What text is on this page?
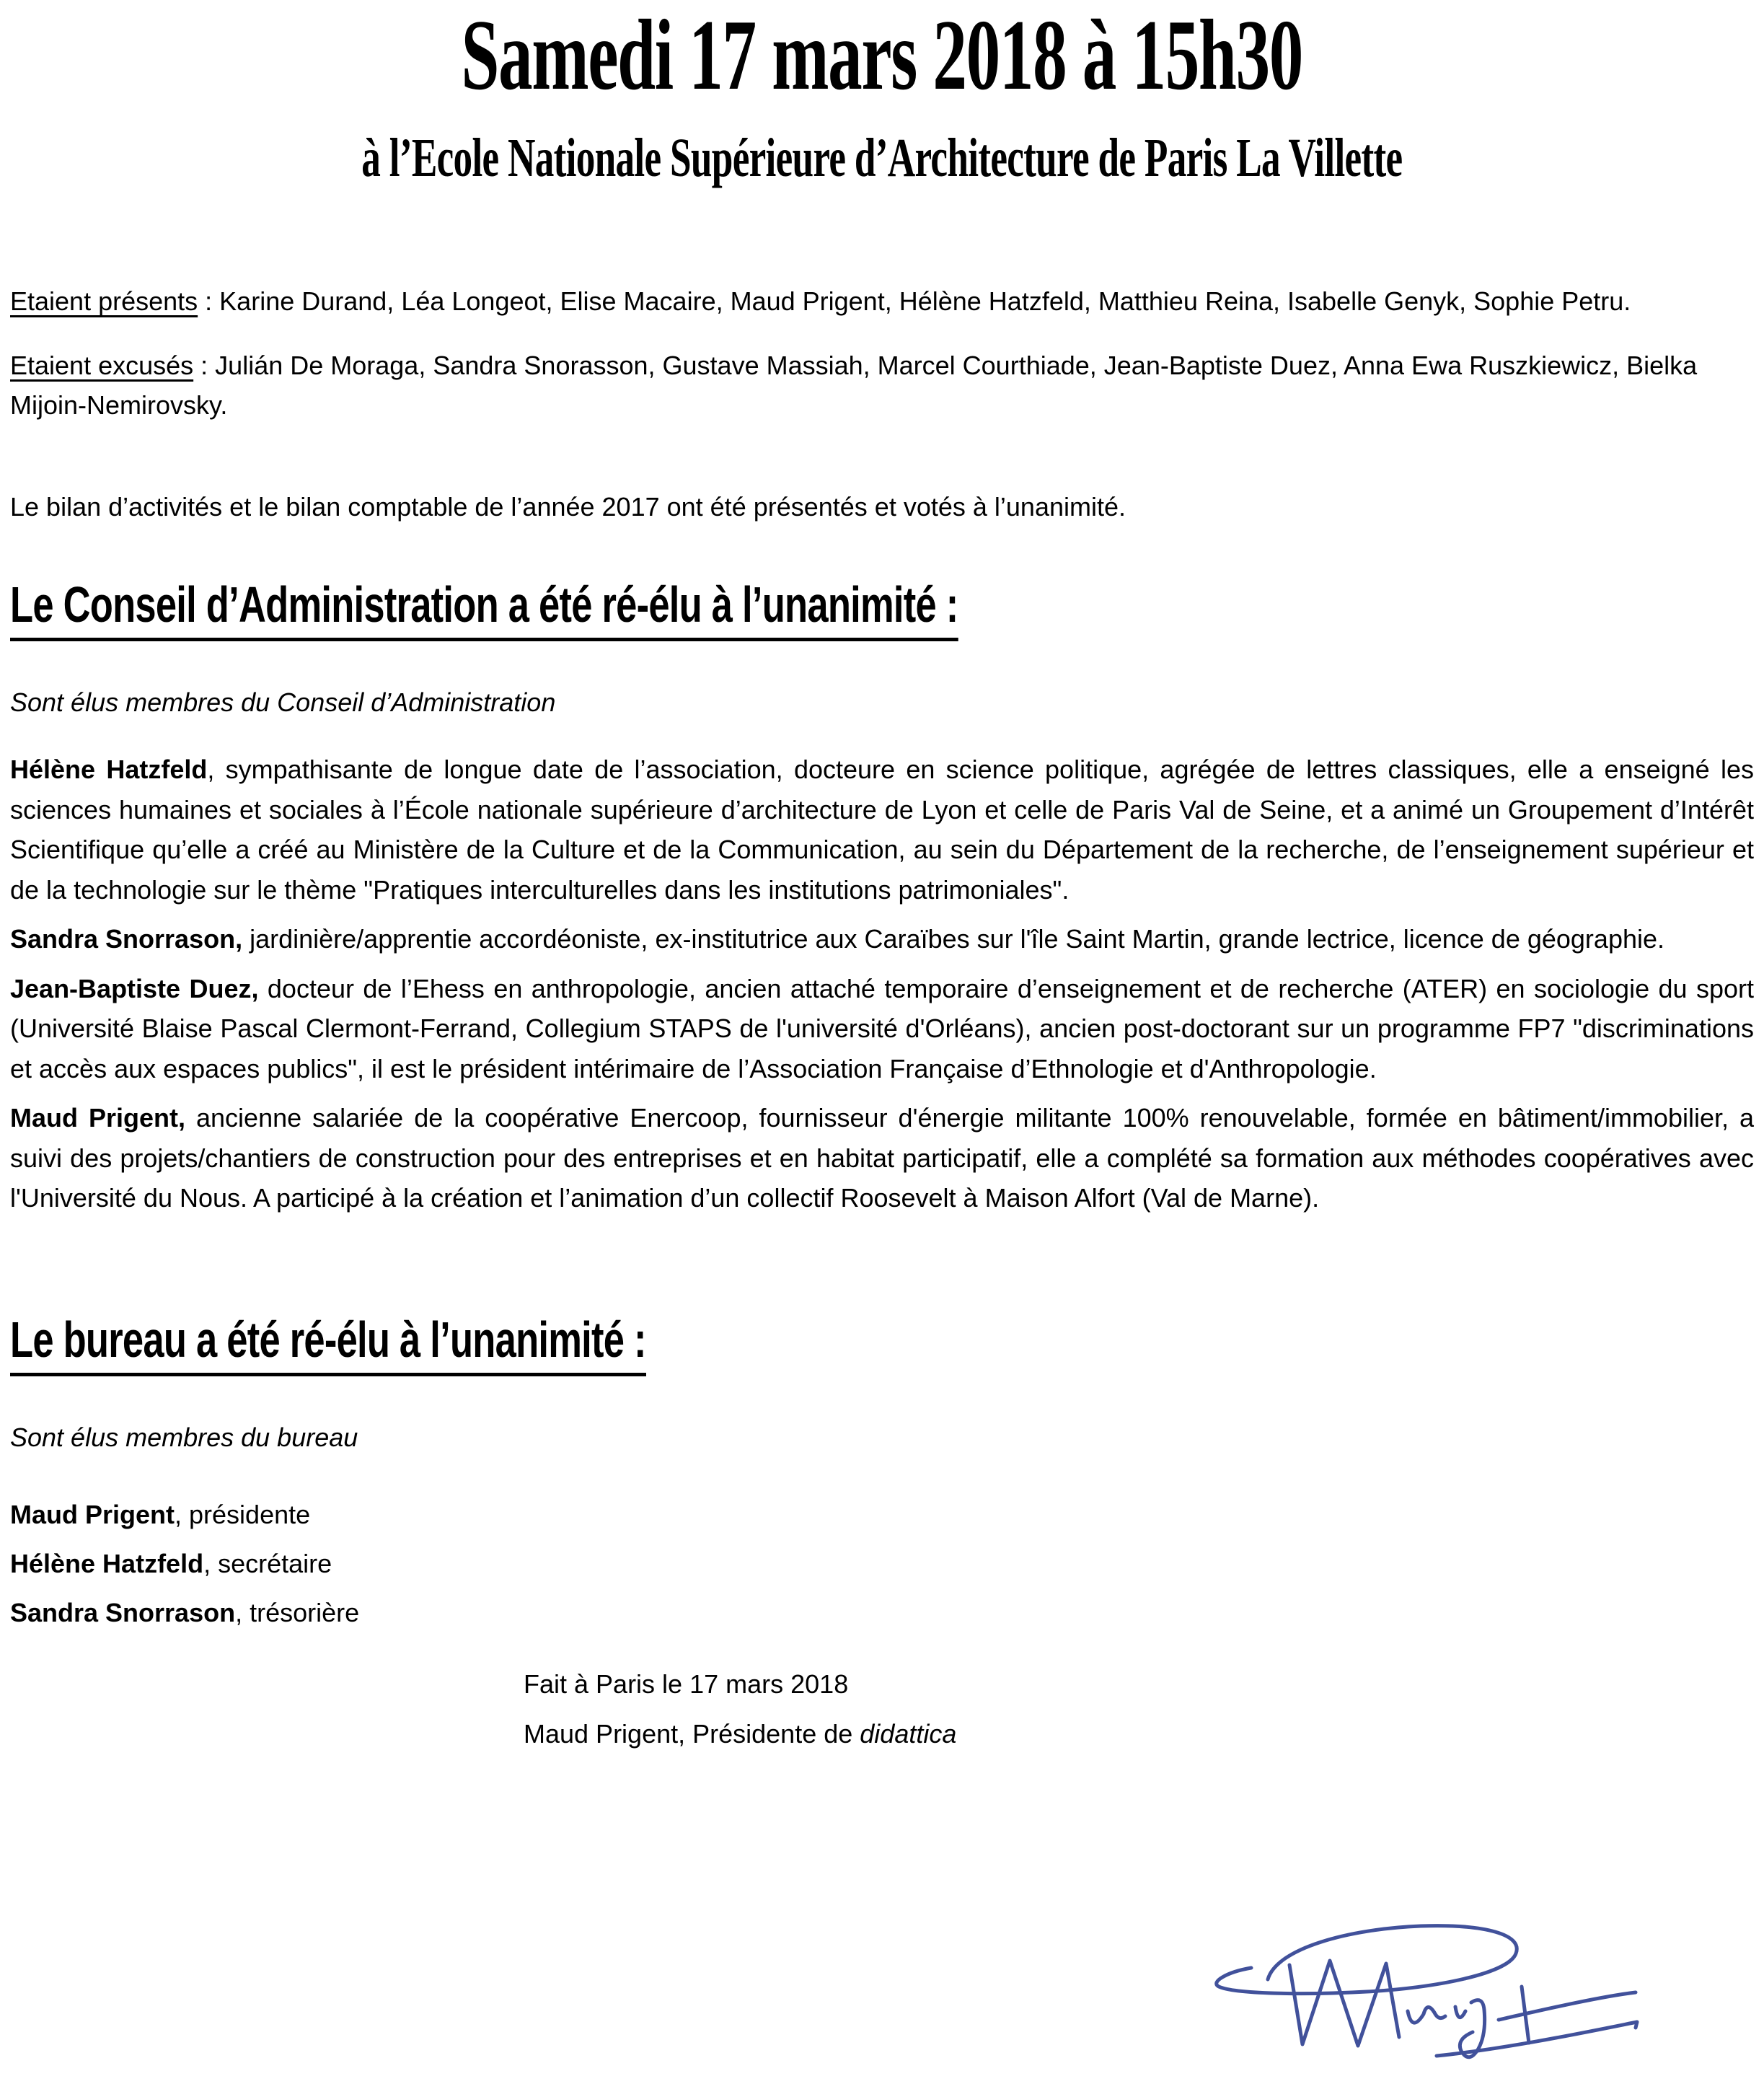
Samedi 17 mars 2018 à 15h30
à l’Ecole Nationale Supérieure d’Architecture de Paris La Villette

Etaient présents : Karine Durand, Léa Longeot, Elise Macaire, Maud Prigent, Hélène Hatzfeld, Matthieu Reina, Isabelle Genyk, Sophie Petru.

Etaient excusés : Julián De Moraga, Sandra Snorasson, Gustave Massiah, Marcel Courthiade, Jean-Baptiste Duez, Anna Ewa Ruszkiewicz, Bielka Mijoin-Nemirovsky.

Le bilan d’activités et le bilan comptable de l’année 2017 ont été présentés et votés à l’unanimité.

Le Conseil d’Administration a été ré-élu à l’unanimité :

Sont élus membres du Conseil d’Administration

Hélène Hatzfeld, sympathisante de longue date de l’association, docteure en science politique, agrégée de lettres classiques, elle a enseigné les sciences humaines et sociales à l’École nationale supérieure d’architecture de Lyon et celle de Paris Val de Seine, et a animé un Groupement d’Intérêt Scientifique qu’elle a créé au Ministère de la Culture et de la Communication, au sein du Département de la recherche, de l’enseignement supérieur et de la technologie sur le thème "Pratiques interculturelles dans les institutions patrimoniales".

Sandra Snorrason, jardinière/apprentie accordéoniste, ex-institutrice aux Caraïbes sur l'île Saint Martin, grande lectrice, licence de géographie.

Jean-Baptiste Duez, docteur de l’Ehess en anthropologie, ancien attaché temporaire d’enseignement et de recherche (ATER) en sociologie du sport (Université Blaise Pascal Clermont-Ferrand, Collegium STAPS de l'université d'Orléans), ancien post-doctorant sur un programme FP7 "discriminations et accès aux espaces publics", il est le président intérimaire de l’Association Française d’Ethnologie et d'Anthropologie.

Maud Prigent, ancienne salariée de la coopérative Enercoop, fournisseur d'énergie militante 100% renouvelable, formée en bâtiment/immobilier, a suivi des projets/chantiers de construction pour des entreprises et en habitat participatif, elle a complété sa formation aux méthodes coopératives avec l'Université du Nous. A participé à la création et l’animation d’un collectif Roosevelt à Maison Alfort (Val de Marne).

Le bureau a été ré-élu à l’unanimité :

Sont élus membres du bureau

Maud Prigent, présidente

Hélène Hatzfeld, secrétaire

Sandra Snorrason, trésorière

Fait à Paris le 17 mars 2018

Maud Prigent, Présidente de didattica
